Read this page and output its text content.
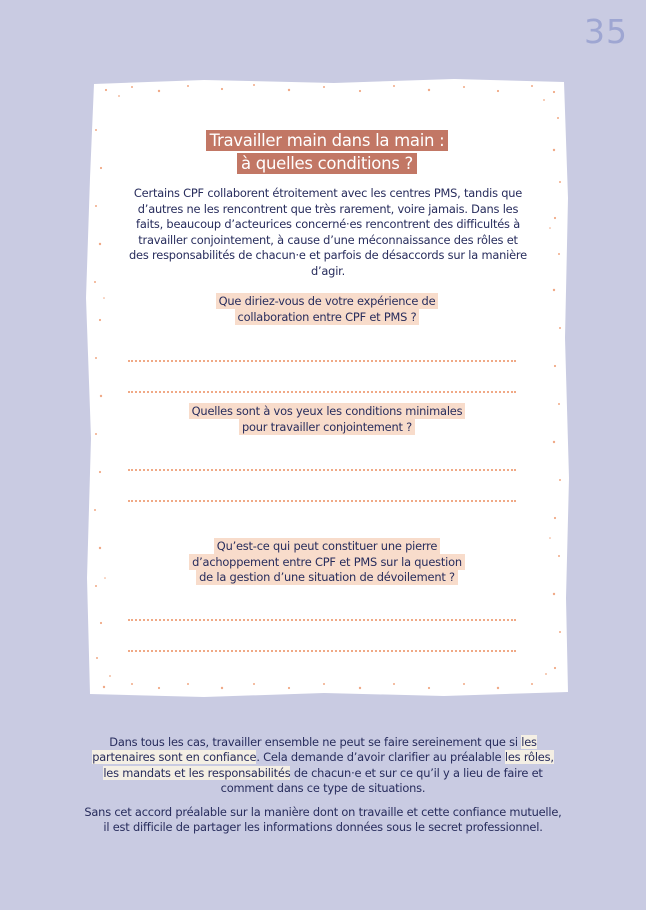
35
Travailler main dans la main :
à quelles conditions ?
Certains CPF collaborent étroitement avec les centres PMS, tandis que d’autres ne les rencontrent que très rarement, voire jamais. Dans les faits, beaucoup d’acteurices concerné·es rencontrent des difficultés à travailler conjointement, à cause d’une méconnaissance des rôles et des responsabilités de chacun·e et parfois de désaccords sur la manière d’agir.
Que diriez-vous de votre expérience de
collaboration entre CPF et PMS ?
Quelles sont à vos yeux les conditions minimales
pour travailler conjointement ?
Qu’est-ce qui peut constituer une pierre
d’achoppement entre CPF et PMS sur la question
de la gestion d’une situation de dévoilement ?

Dans tous les cas, travailler ensemble ne peut se faire sereinement que si les partenaires sont en confiance. Cela demande d’avoir clarifier au préalable les rôles, les mandats et les responsabilités de chacun·e et sur ce qu’il y a lieu de faire et comment dans ce type de situations.

Sans cet accord préalable sur la manière dont on travaille et cette confiance mutuelle, il est difficile de partager les informations données sous le secret professionnel.
